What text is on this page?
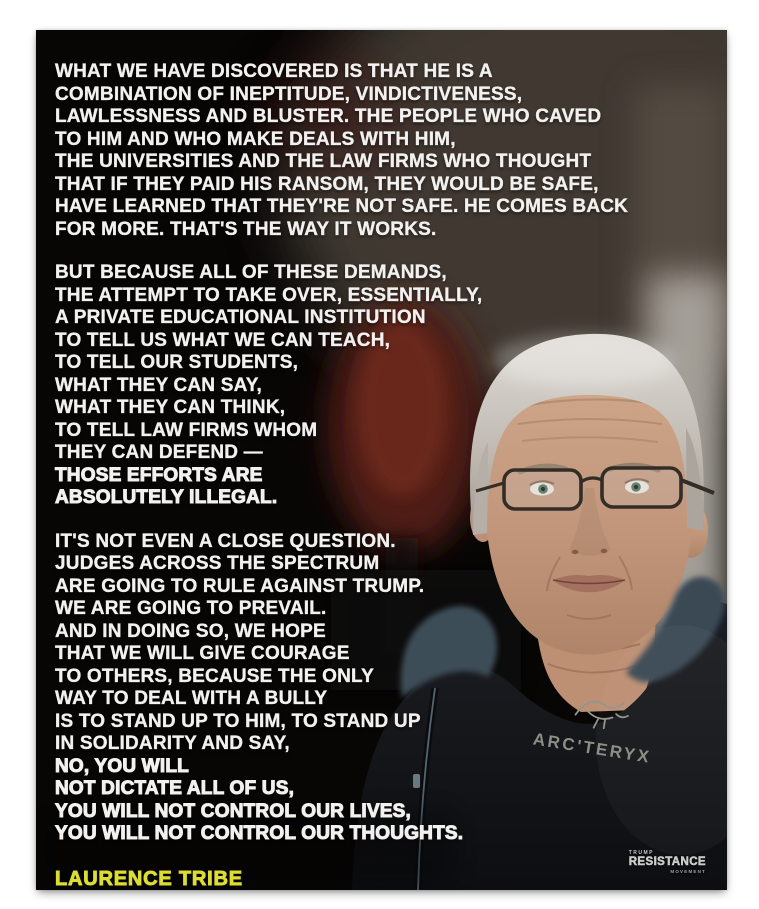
ARC'TERYX
WHAT WE HAVE DISCOVERED IS THAT HE IS A
COMBINATION OF INEPTITUDE, VINDICTIVENESS,
LAWLESSNESS AND BLUSTER. THE PEOPLE WHO CAVED
TO HIM AND WHO MAKE DEALS WITH HIM,
THE UNIVERSITIES AND THE LAW FIRMS WHO THOUGHT
THAT IF THEY PAID HIS RANSOM, THEY WOULD BE SAFE,
HAVE LEARNED THAT THEY'RE NOT SAFE. HE COMES BACK
FOR MORE. THAT'S THE WAY IT WORKS.
BUT BECAUSE ALL OF THESE DEMANDS,
THE ATTEMPT TO TAKE OVER, ESSENTIALLY,
A PRIVATE EDUCATIONAL INSTITUTION
TO TELL US WHAT WE CAN TEACH,
TO TELL OUR STUDENTS,
WHAT THEY CAN SAY,
WHAT THEY CAN THINK,
TO TELL LAW FIRMS WHOM
THEY CAN DEFEND —
THOSE EFFORTS ARE
ABSOLUTELY ILLEGAL.
IT'S NOT EVEN A CLOSE QUESTION.
JUDGES ACROSS THE SPECTRUM
ARE GOING TO RULE AGAINST TRUMP.
WE ARE GOING TO PREVAIL.
AND IN DOING SO, WE HOPE
THAT WE WILL GIVE COURAGE
TO OTHERS, BECAUSE THE ONLY
WAY TO DEAL WITH A BULLY
IS TO STAND UP TO HIM, TO STAND UP
IN SOLIDARITY AND SAY,
NO, YOU WILL
NOT DICTATE ALL OF US,
YOU WILL NOT CONTROL OUR LIVES,
YOU WILL NOT CONTROL OUR THOUGHTS.
LAURENCE TRIBE
TRUMP
RESISTANCE
MOVEMENT
